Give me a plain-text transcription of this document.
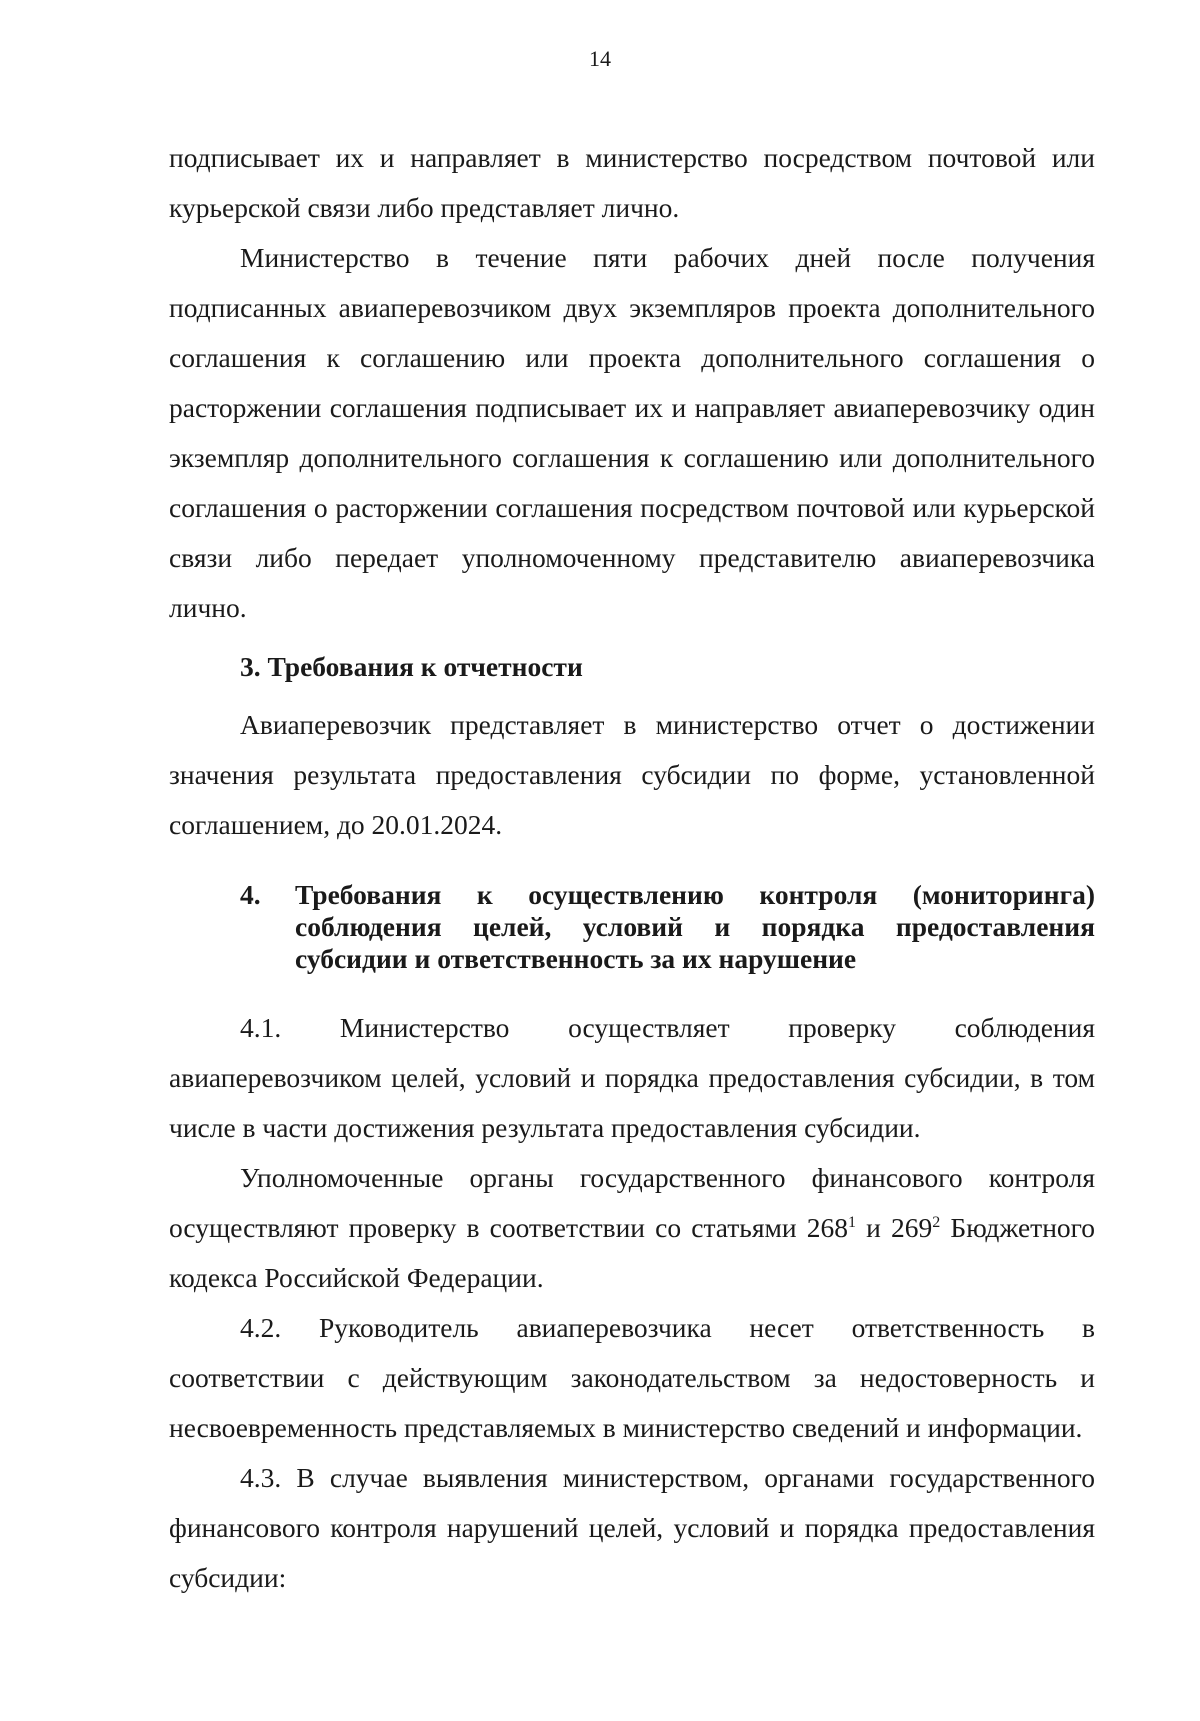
14

подписывает их и направляет в министерство посредством почтовой или курьерской связи либо представляет лично.

Министерство в течение пяти рабочих дней после получения подписанных авиаперевозчиком двух экземпляров проекта дополнительного соглашения к соглашению или проекта дополнительного соглашения о расторжении соглашения подписывает их и направляет авиаперевозчику один экземпляр дополнительного соглашения к соглашению или дополнительного соглашения о расторжении соглашения посредством почтовой или курьерской связи либо передает уполномоченному представителю авиаперевозчика лично.

3. Требования к отчетности

Авиаперевозчик представляет в министерство отчет о достижении значения результата предоставления субсидии по форме, установленной соглашением, до 20.01.2024.

4. Требования к осуществлению контроля (мониторинга)
соблюдения целей, условий и порядка предоставления
субсидии и ответственность за их нарушение

4.1. Министерство осуществляет проверку соблюдения авиаперевозчиком целей, условий и порядка предоставления субсидии, в том числе в части достижения результата предоставления субсидии.

Уполномоченные органы государственного финансового контроля осуществляют проверку в соответствии со статьями $268^1$ и $269^2$ Бюджетного кодекса Российской Федерации.

4.2. Руководитель авиаперевозчика несет ответственность в соответствии с действующим законодательством за недостоверность и несвоевременность представляемых в министерство сведений и информации.

4.3. В случае выявления министерством, органами государственного финансового контроля нарушений целей, условий и порядка предоставления субсидии:
